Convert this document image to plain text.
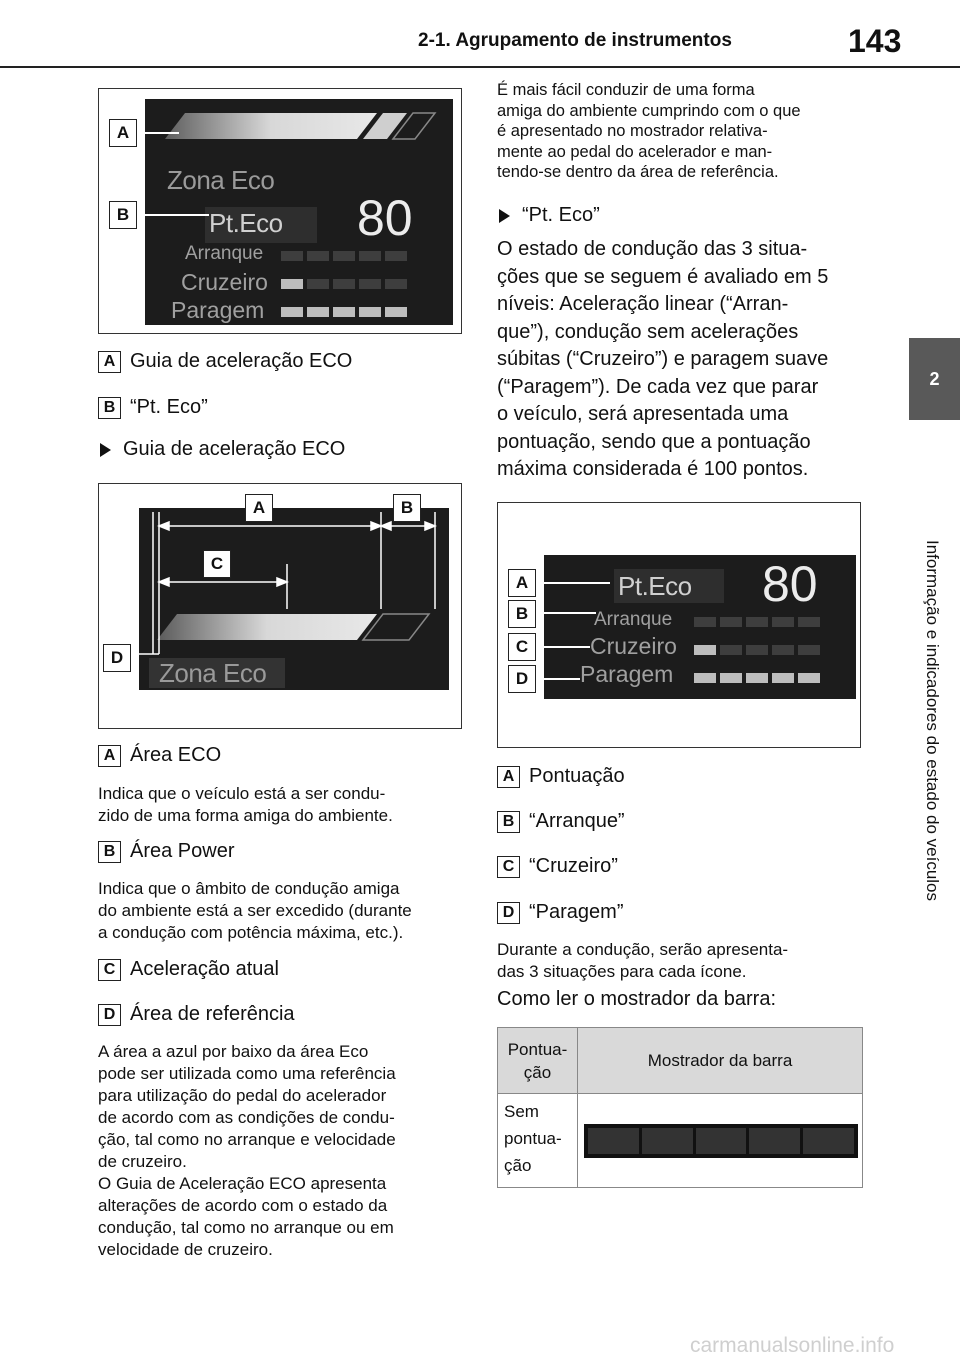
2-1. Agrupamento de instrumentos	143
2
Informação e indicadores do estado do veículos
Zona Eco
Pt.Eco 80
Arranque
Cruzeiro
Paragem
A
B
A Guia de aceleração ECO
B “Pt. Eco”
Guia de aceleração ECO
Zona Eco
A	B
C
D
A Área ECO
Indica que o veículo está a ser condu-
zido de uma forma amiga do ambiente.
B Área Power
Indica que o âmbito de condução amiga
do ambiente está a ser excedido (durante
a condução com potência máxima, etc.).
C Aceleração atual
D Área de referência
A área a azul por baixo da área Eco
pode ser utilizada como uma referência
para utilização do pedal do acelerador
de acordo com as condições de condu-
ção, tal como no arranque e velocidade
de cruzeiro.
O Guia de Aceleração ECO apresenta
alterações de acordo com o estado da
condução, tal como no arranque ou em
velocidade de cruzeiro.
É mais fácil conduzir de uma forma
amiga do ambiente cumprindo com o que
é apresentado no mostrador relativa-
mente ao pedal do acelerador e man-
tendo-se dentro da área de referência.
“Pt. Eco”
O estado de condução das 3 situa-
ções que se seguem é avaliado em 5
níveis: Aceleração linear (“Arran-
que”), condução sem acelerações
súbitas (“Cruzeiro”) e paragem suave
(“Paragem”). De cada vez que parar
o veículo, será apresentada uma
pontuação, sendo que a pontuação
máxima considerada é 100 pontos.
Pt.Eco 80
Arranque
Cruzeiro
Paragem
A
B
C
D
A Pontuação
B “Arranque”
C “Cruzeiro”
D “Paragem”
Durante a condução, serão apresenta-
das 3 situações para cada ícone.
Como ler o mostrador da barra:
Pontua-
ção	Mostrador da barra
Sem
pontua-
ção	
carmanualsonline.info
